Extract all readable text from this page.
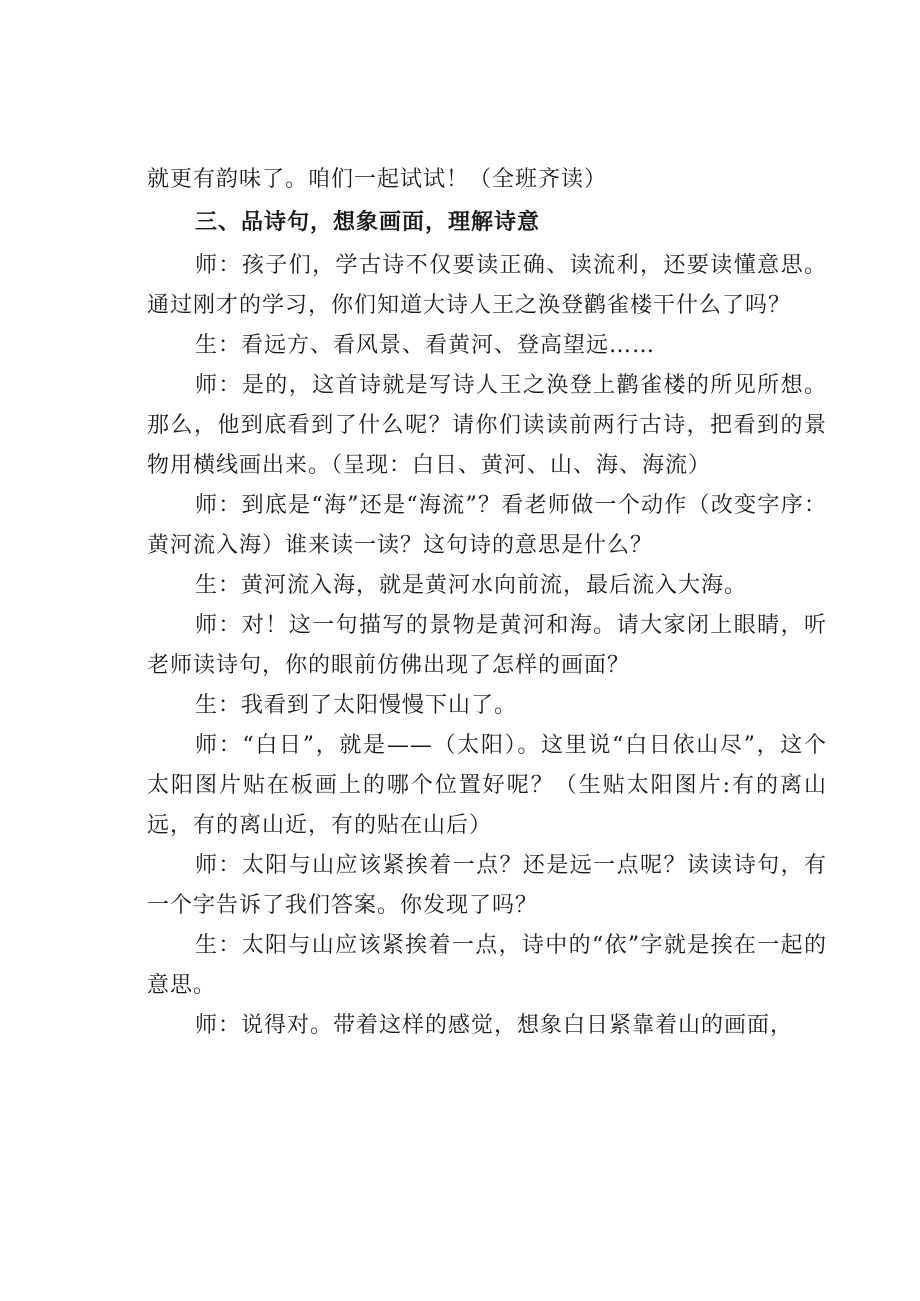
就更有韵味了。咱们一起试试！（全班齐读）

三、品诗句，想象画面，理解诗意

师：孩子们，学古诗不仅要读正确、读流利，还要读懂意思。通过刚才的学习，你们知道大诗人王之涣登鹳雀楼干什么了吗？

生：看远方、看风景、看黄河、登高望远……

师：是的，这首诗就是写诗人王之涣登上鹳雀楼的所见所想。那么，他到底看到了什么呢？请你们读读前两行古诗，把看到的景物用横线画出来。（呈现：白日、黄河、山、海、海流）

师：到底是“海”还是“海流”？看老师做一个动作（改变字序：黄河流入海）谁来读一读？这句诗的意思是什么？

生：黄河流入海，就是黄河水向前流，最后流入大海。

师：对！这一句描写的景物是黄河和海。请大家闭上眼睛，听老师读诗句，你的眼前仿佛出现了怎样的画面？

生：我看到了太阳慢慢下山了。

师：“白日”，就是——（太阳）。这里说“白日依山尽”，这个太阳图片贴在板画上的哪个位置好呢？（生贴太阳图片:有的离山远，有的离山近，有的贴在山后）

师：太阳与山应该紧挨着一点？还是远一点呢？读读诗句，有一个字告诉了我们答案。你发现了吗？

生：太阳与山应该紧挨着一点，诗中的“依”字就是挨在一起的意思。

师：说得对。带着这样的感觉，想象白日紧靠着山的画面，
